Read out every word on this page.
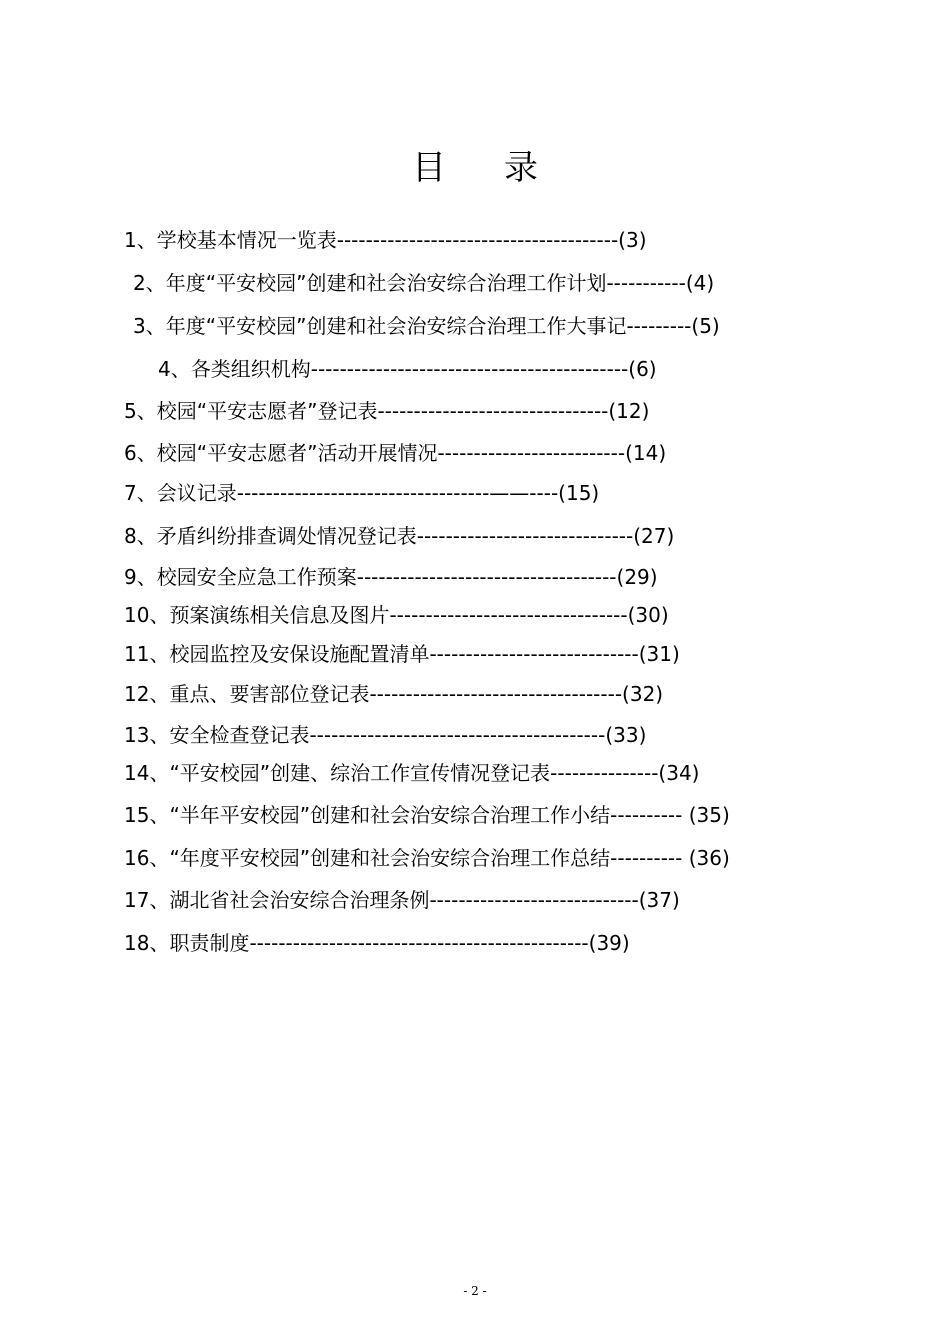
目 录
1、学校基本情况一览表---------------------------------------(3)
2、年度“平安校园”创建和社会治安综合治理工作计划-----------(4)
3、年度“平安校园”创建和社会治安综合治理工作大事记---------(5)
4、各类组织机构--------------------------------------------(6)
5、校园“平安志愿者”登记表--------------------------------(12)
6、校园“平安志愿者”活动开展情况--------------------------(14)
7、会议记录-----------------------------------——----(15)
8、矛盾纠纷排查调处情况登记表------------------------------(27)
9、校园安全应急工作预案------------------------------------(29)
10、预案演练相关信息及图片---------------------------------(30)
11、校园监控及安保设施配置清单-----------------------------(31)
12、重点、要害部位登记表-----------------------------------(32)
13、安全检查登记表-----------------------------------------(33)
14、“平安校园”创建、综治工作宣传情况登记表---------------(34)
15、“半年平安校园”创建和社会治安综合治理工作小结---------- (35)
16、“年度平安校园”创建和社会治安综合治理工作总结---------- (36)
17、湖北省社会治安综合治理条例-----------------------------(37)
18、职责制度-----------------------------------------------(39)
- 2 -
